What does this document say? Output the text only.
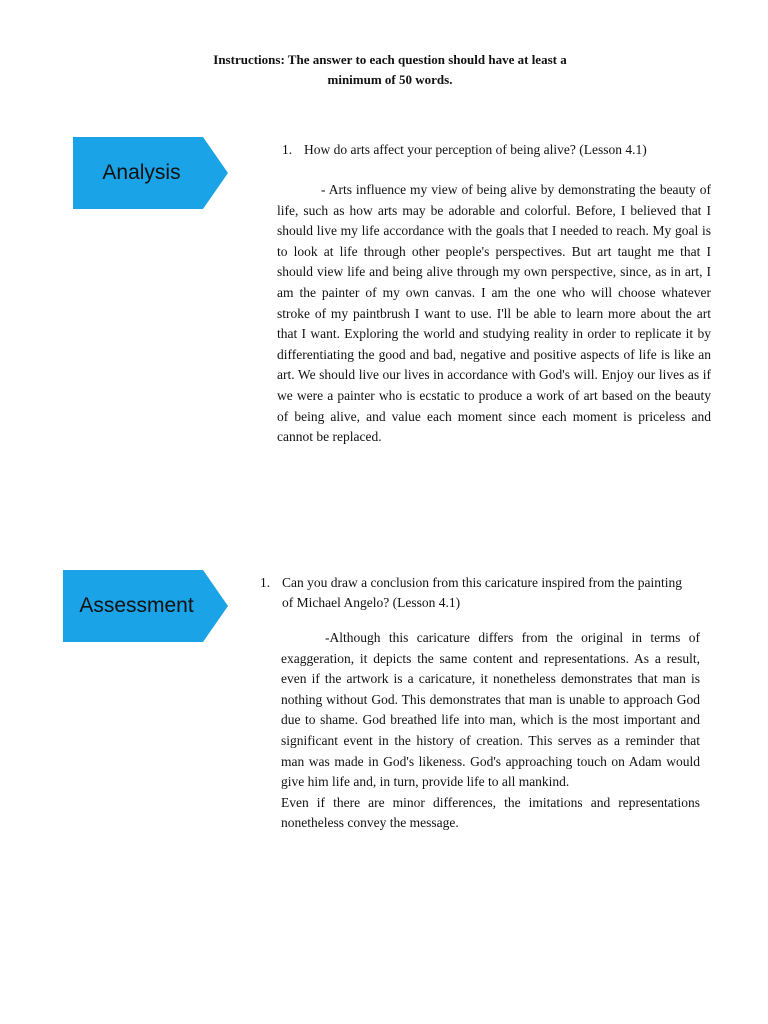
Instructions: The answer to each question should have at least a
minimum of 50 words.
Analysis
1. How do arts affect your perception of being alive? (Lesson 4.1)
- Arts influence my view of being alive by demonstrating the beauty of life, such as how arts may be adorable and colorful. Before, I believed that I should live my life accordance with the goals that I needed to reach. My goal is to look at life through other people's perspectives. But art taught me that I should view life and being alive through my own perspective, since, as in art, I am the painter of my own canvas. I am the one who will choose whatever stroke of my paintbrush I want to use. I'll be able to learn more about the art that I want. Exploring the world and studying reality in order to replicate it by differentiating the good and bad, negative and positive aspects of life is like an art. We should live our lives in accordance with God's will. Enjoy our lives as if we were a painter who is ecstatic to produce a work of art based on the beauty of being alive, and value each moment since each moment is priceless and cannot be replaced.
Assessment
1. Can you draw a conclusion from this caricature inspired from the painting of Michael Angelo? (Lesson 4.1)

-Although this caricature differs from the original in terms of exaggeration, it depicts the same content and representations. As a result, even if the artwork is a caricature, it nonetheless demonstrates that man is nothing without God. This demonstrates that man is unable to approach God due to shame. God breathed life into man, which is the most important and significant event in the history of creation. This serves as a reminder that man was made in God's likeness. God's approaching touch on Adam would give him life and, in turn, provide life to all mankind.

Even if there are minor differences, the imitations and representations nonetheless convey the message.
